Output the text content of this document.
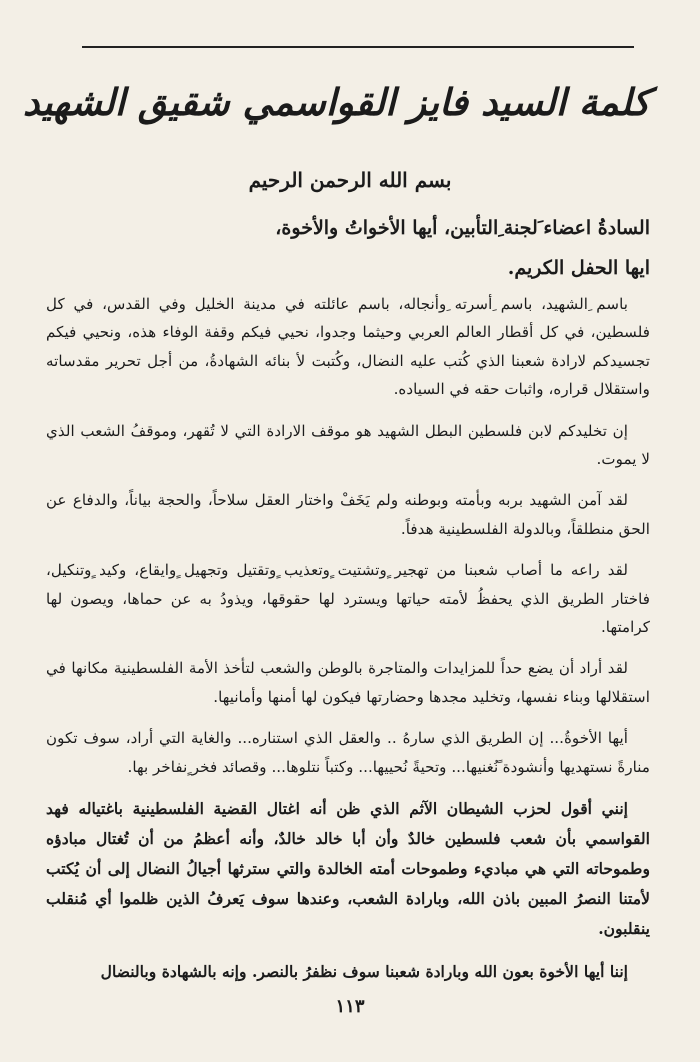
كلمة السيد فايز القواسمي شقيق الشهيد
بسم الله الرحمن الرحيم
السادةُ اعضاء َلجنة ِالتأبين، أيها الأخواتُ والأخوة،
ايها الحفل الكريم.

باسم ِالشهيد، باسم ِأسرته ِوأنجاله، باسم عائلته في مدينة الخليل وفي القدس، في كل فلسطين، في كل أقطار العالم العربي وحيثما وجدوا، نحيي فيكم وقفة الوفاء هذه، ونحيي فيكم تجسيدكم لارادة شعبنا الذي كُتب عليه النضال، وكُتبت لأ بنائه الشهادةُ، من أجل تحرير مقدساته واستقلال قراره، واثبات حقه في السياده.

إن تخليدكم لابن فلسطين البطل الشهيد هو موقف الارادة التي لا تُقهر، وموقفُ الشعب الذي لا يموت.

لقد آمن الشهيد بربه وبأمته وبوطنه ولم يَخَفْ واختار العقل سلاحاً، والحجة بياناً، والدفاع عن الحق منطلقاً، وبالدولة الفلسطينية هدفاً.

لقد راعه ما أصاب شعبنا من تهجير ٍوتشتيت ٍوتعذيب ٍوتقتيل وتجهيل ٍوايقاع، وكيد ٍوتنكيل، فاختار الطريق الذي يحفظُ لأمته حياتها ويسترد لها حقوقها، ويذودُ به عن حماها، ويصون لها كرامتها.

لقد أراد أن يضع حداً للمزايدات والمتاجرة بالوطن والشعب لتأخذ الأمة الفلسطينية مكانها في استقلالها وبناء نفسها، وتخليد مجدها وحضارتها فيكون لها أمنها وأمانيها.

أيها الأخوةُ... إن الطريق الذي سارهُ .. والعقل الذي استناره... والغاية التي أراد، سوف تكون منارةً نستهديها وأنشودة ًنُغنيها... وتحيةً نُحييها... وكتباً نتلوها... وقصائد فخر ٍنفاخر بها.

إنني أقول لحزب الشيطان الآثم الذي ظن أنه اغتال القضية الفلسطينية باغتياله فهد القواسمي بأن شعب فلسطين خالدٌ وأن أبا خالد خالدٌ، وأنه أعظمُ من أن تُغتال مبادؤه وطموحاته التي هي مباديء وطموحات أمته الخالدة والتي سترثها أجيالُ النضال إلى أن يُكتب لأمتنا النصرُ المبين باذن الله، وبارادة الشعب، وعندها سوف يَعرفُ الذين ظلموا أي مُنقلب ينقلبون.

إننا أيها الأخوة بعون الله وبارادة شعبنا سوف نظفرُ بالنصر. وإنه بالشهادة وبالنضال

١١٣
